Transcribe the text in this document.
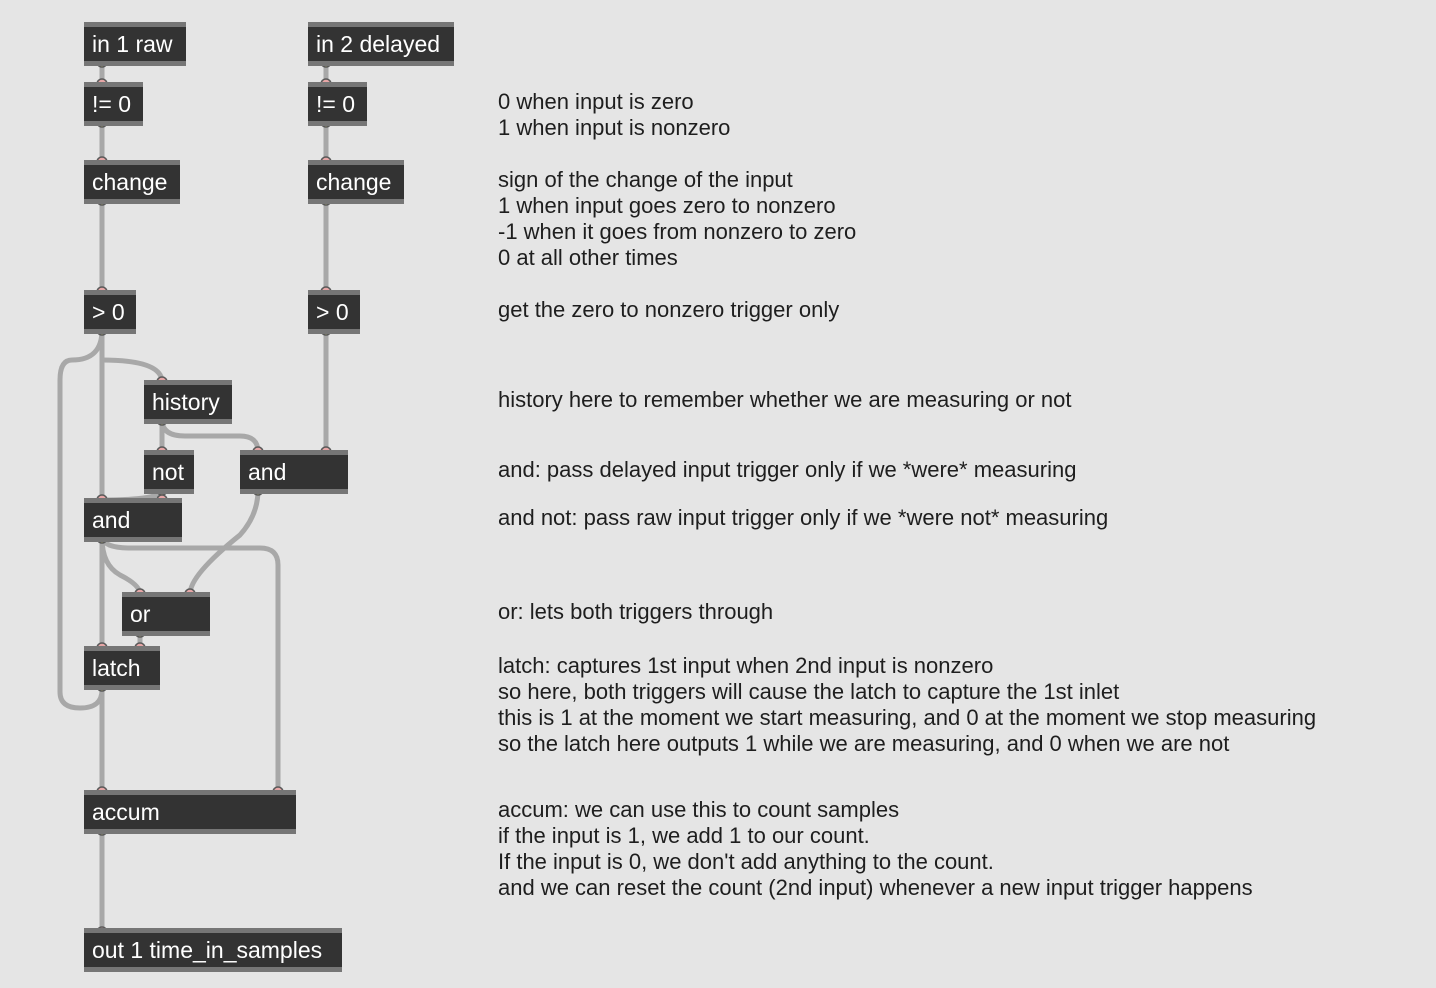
in 1 raw	in 2 delayed
!= 0	!= 0
change	change
> 0	> 0
history
not	and
and
or
latch
accum
out 1 time_in_samples
0 when input is zero
1 when input is nonzero
sign of the change of the input
1 when input goes zero to nonzero
-1 when it goes from nonzero to zero
0 at all other times
get the zero to nonzero trigger only
history here to remember whether we are measuring or not
and: pass delayed input trigger only if we *were* measuring
and not: pass raw input trigger only if we *were not* measuring
or: lets both triggers through
latch: captures 1st input when 2nd input is nonzero
so here, both triggers will cause the latch to capture the 1st inlet
this is 1 at the moment we start measuring, and 0 at the moment we stop measuring
so the latch here outputs 1 while we are measuring, and 0 when we are not
accum: we can use this to count samples
if the input is 1, we add 1 to our count.
If the input is 0, we don't add anything to the count.
and we can reset the count (2nd input) whenever a new input trigger happens
